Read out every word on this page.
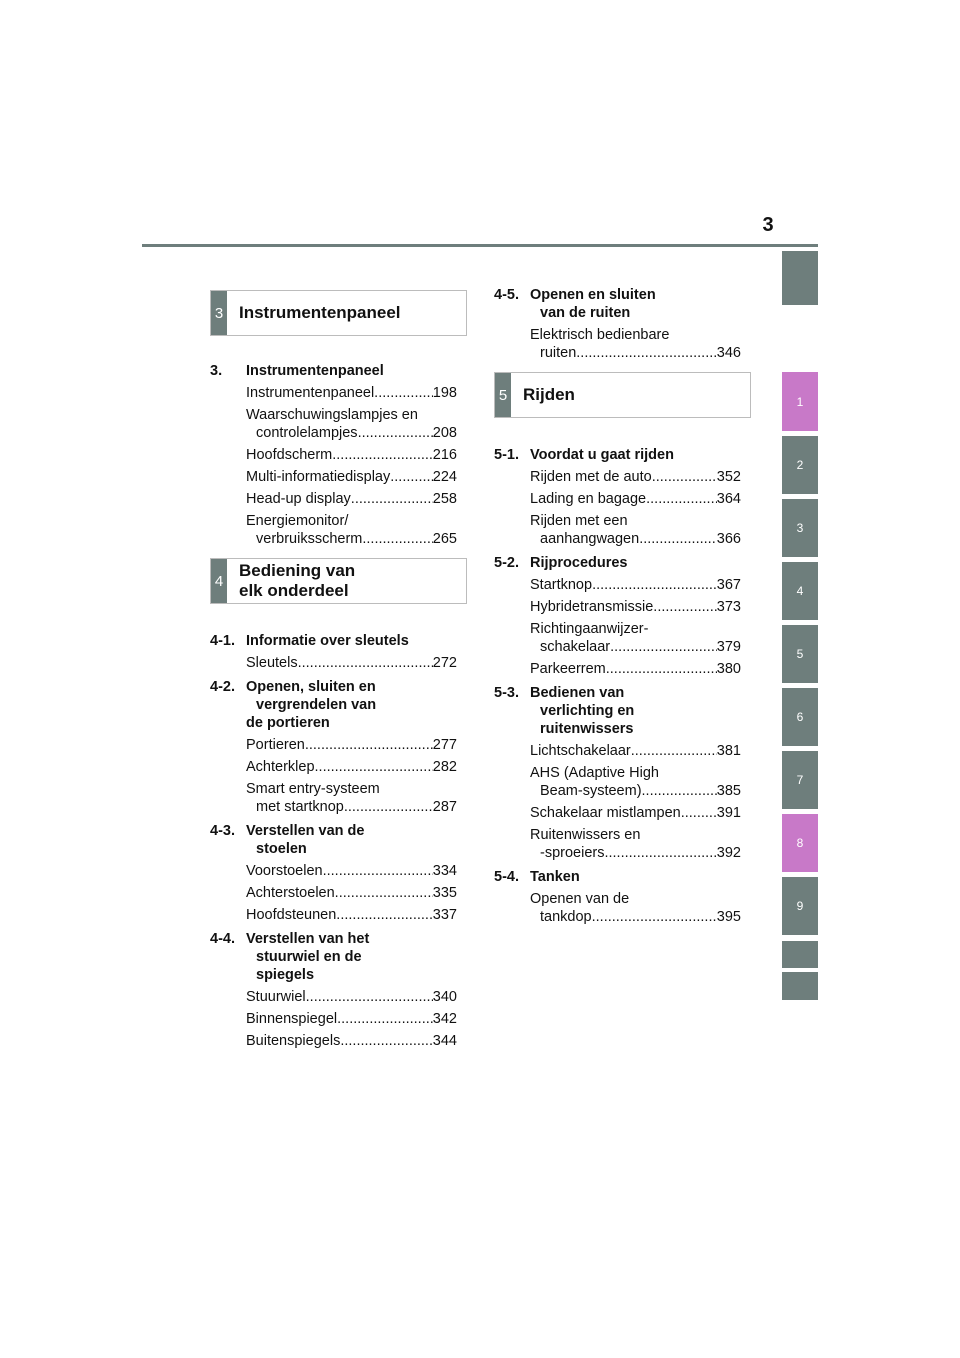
3
1
2
3
4
5
6
7
8
9
3 Instrumentenpaneel
3.	Instrumentenpaneel
Instrumentenpaneel .....	198
Waarschuwingslampjes en
controlelampjes .....	208
Hoofdscherm .....	216
Multi-informatiedisplay .....	224
Head-up display .....	258
Energiemonitor/
verbruiksscherm .....	265
4
Bediening van
elk onderdeel
4-1. Informatie over sleutels
Sleutels .....	272
4-2. Openen, sluiten en
vergrendelen van
de portieren
Portieren .....	277
Achterklep .....	282
Smart entry-systeem
met startknop .....	287
4-3. Verstellen van de
stoelen
Voorstoelen .....	334
Achterstoelen .....	335
Hoofdsteunen .....	337
4-4. Verstellen van het
stuurwiel en de
spiegels
Stuurwiel .....	340
Binnenspiegel .....	342
Buitenspiegels .....	344
4-5. Openen en sluiten
van de ruiten
Elektrisch bedienbare
ruiten .....	346
5 Rijden
5-1. Voordat u gaat rijden
Rijden met de auto .....	352
Lading en bagage .....	364
Rijden met een
aanhangwagen .....	366
5-2. Rijprocedures
Startknop .....	367
Hybridetransmissie .....	373
Richtingaanwijzer-
schakelaar .....	379
Parkeerrem .....	380
5-3. Bedienen van
verlichting en
ruitenwissers
Lichtschakelaar .....	381
AHS (Adaptive High
Beam-systeem) .....	385
Schakelaar mistlampen ..... 391
Ruitenwissers en
-sproeiers .....	392
5-4. Tanken
Openen van de
tankdop .....	395
